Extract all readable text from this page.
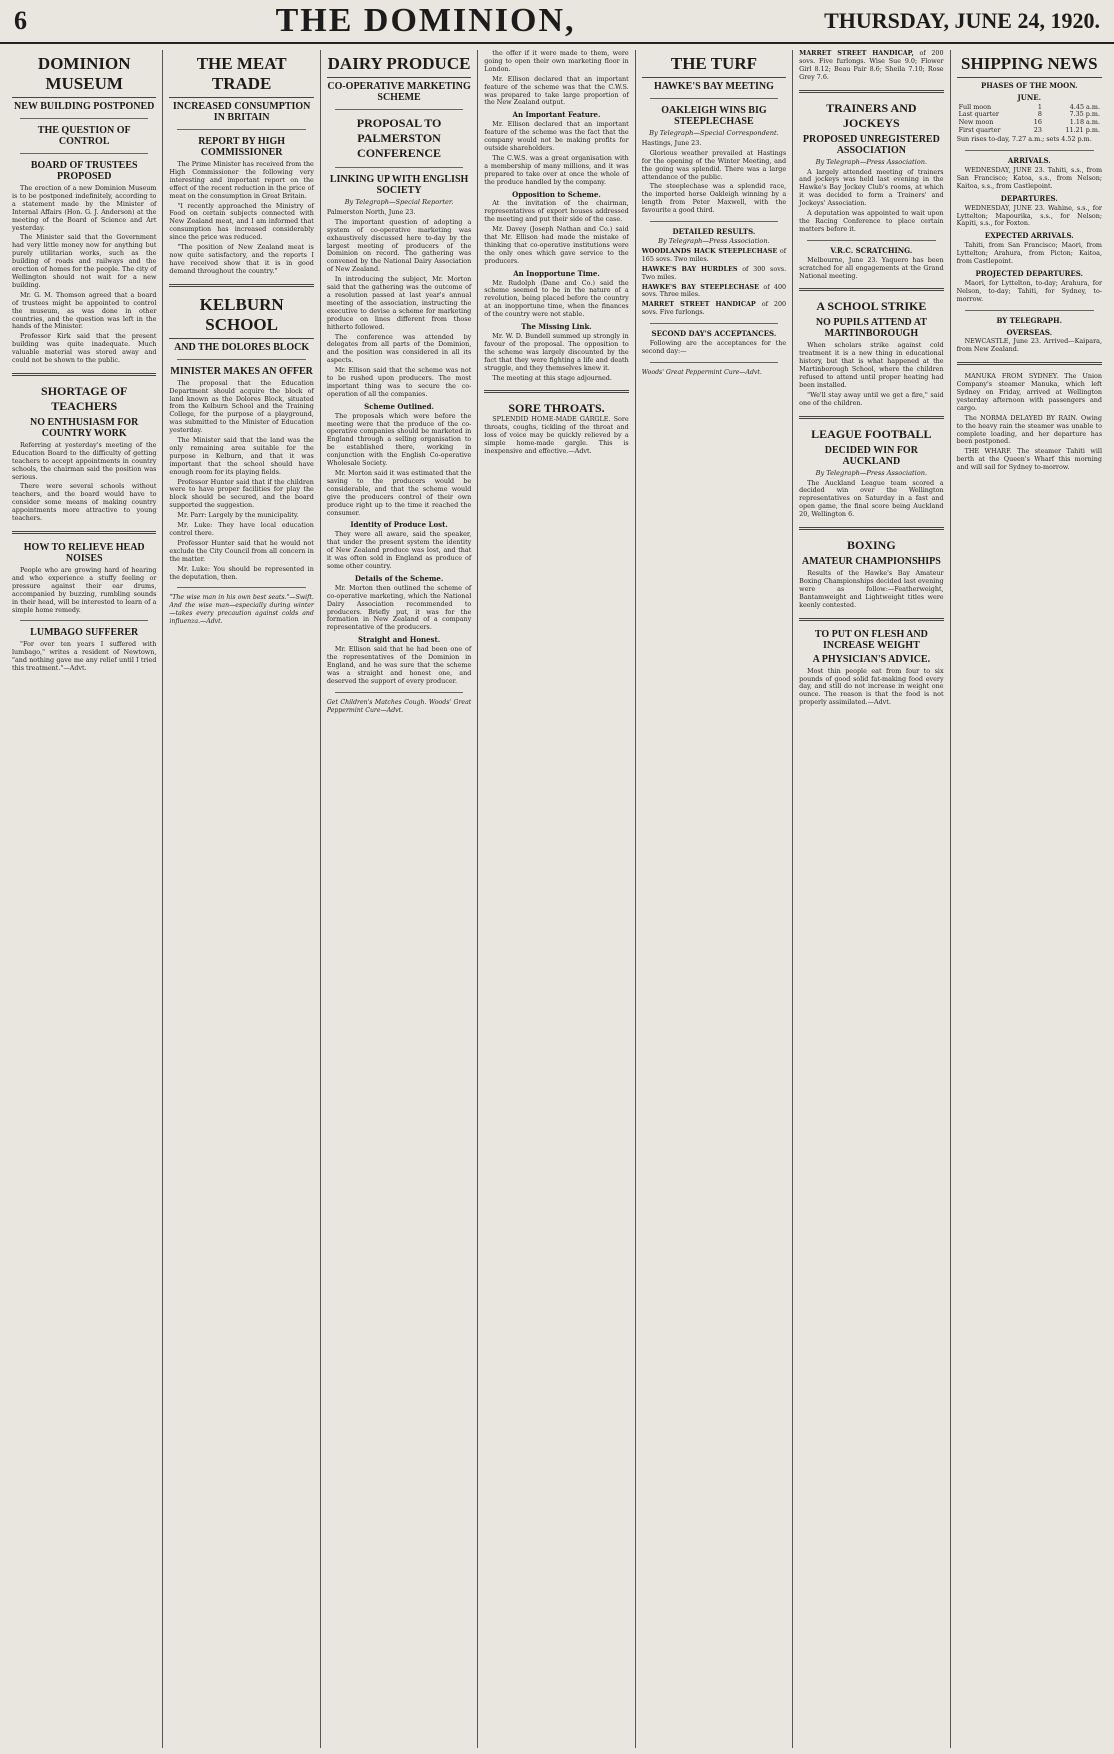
6	THE DOMINION,	THURSDAY, JUNE 24, 1920.
DOMINION MUSEUM
NEW BUILDING POSTPONED
THE QUESTION OF CONTROL
BOARD OF TRUSTEES PROPOSED

The erection of a new Dominion Museum is to be postponed indefinitely, according to a statement made by the Minister of Internal Affairs (Hon. G. J. Anderson) at the meeting of the Board of Science and Art yesterday.

The Minister said that the Government had very little money now for anything but purely utilitarian works, such as the building of roads and railways and the erection of homes for the people. The city of Wellington should not wait for a new building.

Mr. G. M. Thomson agreed that a board of trustees might be appointed to control the museum, as was done in other countries, and the question was left in the hands of the Minister.

Professor Kirk said that the present building was quite inadequate. Much valuable material was stored away and could not be shown to the public.

SHORTAGE OF TEACHERS
NO ENTHUSIASM FOR COUNTRY WORK

Referring at yesterday's meeting of the Education Board to the difficulty of getting teachers to accept appointments in country schools, the chairman said the position was serious.

There were several schools without teachers, and the board would have to consider some means of making country appointments more attractive to young teachers.

HOW TO RELIEVE HEAD NOISES

People who are growing hard of hearing and who experience a stuffy feeling or pressure against their ear drums, accompanied by buzzing, rumbling sounds in their head, will be interested to learn of a simple home remedy.

LUMBAGO SUFFERER

"For over ten years I suffered with lumbago," writes a resident of Newtown, "and nothing gave me any relief until I tried this treatment."—Advt.

THE MEAT TRADE
INCREASED CONSUMPTION IN BRITAIN
REPORT BY HIGH COMMISSIONER

The Prime Minister has received from the High Commissioner the following very interesting and important report on the effect of the recent reduction in the price of meat on the consumption in Great Britain.

"I recently approached the Ministry of Food on certain subjects connected with New Zealand meat, and I am informed that consumption has increased considerably since the price was reduced.

"The position of New Zealand meat is now quite satisfactory, and the reports I have received show that it is in good demand throughout the country."

KELBURN SCHOOL
AND THE DOLORES BLOCK
MINISTER MAKES AN OFFER

The proposal that the Education Department should acquire the block of land known as the Dolores Block, situated from the Kelburn School and the Training College, for the purpose of a playground, was submitted to the Minister of Education yesterday.

The Minister said that the land was the only remaining area suitable for the purpose in Kelburn, and that it was important that the school should have enough room for its playing fields.

Professor Hunter said that if the children were to have proper facilities for play the block should be secured, and the board supported the suggestion.

Mr. Parr: Largely by the municipality.

Mr. Luke: They have local education control there.

Professor Hunter said that he would not exclude the City Council from all concern in the matter.

Mr. Luke: You should be represented in the deputation, then.

"The wise man in his own best seats."—Swift. And the wise man—especially during winter—takes every precaution against colds and influenza.—Advt.

DAIRY PRODUCE
CO-OPERATIVE MARKETING SCHEME
PROPOSAL TO PALMERSTON CONFERENCE
LINKING UP WITH ENGLISH SOCIETY

By Telegraph—Special Reporter.

Palmerston North, June 23.

The important question of adopting a system of co-operative marketing was exhaustively discussed here to-day by the largest meeting of producers of the Dominion on record. The gathering was convened by the National Dairy Association of New Zealand.

In introducing the subject, Mr. Morton said that the gathering was the outcome of a resolution passed at last year's annual meeting of the association, instructing the executive to devise a scheme for marketing produce on lines different from those hitherto followed.

The conference was attended by delegates from all parts of the Dominion, and the position was considered in all its aspects.

Mr. Ellison said that the scheme was not to be rushed upon producers. The most important thing was to secure the co-operation of all the companies.

Scheme Outlined.

The proposals which were before the meeting were that the produce of the co-operative companies should be marketed in England through a selling organisation to be established there, working in conjunction with the English Co-operative Wholesale Society.

Mr. Morton said it was estimated that the saving to the producers would be considerable, and that the scheme would give the producers control of their own produce right up to the time it reached the consumer.

Identity of Produce Lost.

They were all aware, said the speaker, that under the present system the identity of New Zealand produce was lost, and that it was often sold in England as produce of some other country.

Details of the Scheme.

Mr. Morton then outlined the scheme of co-operative marketing, which the National Dairy Association recommended to producers. Briefly put, it was for the formation in New Zealand of a company representative of the producers.

Straight and Honest.

Mr. Ellison said that he had been one of the representatives of the Dominion in England, and he was sure that the scheme was a straight and honest one, and deserved the support of every producer.

Get Children's Matches Cough. Woods' Great Peppermint Cure—Advt.

the offer if it were made to them, were going to open their own marketing floor in London.

Mr. Ellison declared that an important feature of the scheme was that the C.W.S. was prepared to take large proportion of the New Zealand output.

An Important Feature.

Mr. Ellison declared that an important feature of the scheme was the fact that the company would not be making profits for outside shareholders.

The C.W.S. was a great organisation with a membership of many millions, and it was prepared to take over at once the whole of the produce handled by the company.

Opposition to Scheme.

At the invitation of the chairman, representatives of export houses addressed the meeting and put their side of the case.

Mr. Davey (Joseph Nathan and Co.) said that Mr. Ellison had made the mistake of thinking that co-operative institutions were the only ones which gave service to the producers.

An Inopportune Time.

Mr. Rudolph (Dane and Co.) said the scheme seemed to be in the nature of a revolution, being placed before the country at an inopportune time, when the finances of the country were not stable.

The Missing Link.

Mr. W. D. Bundell summed up strongly in favour of the proposal. The opposition to the scheme was largely discounted by the fact that they were fighting a life and death struggle, and they themselves knew it.

The meeting at this stage adjourned.

SORE THROATS.

SPLENDID HOME-MADE GARGLE. Sore throats, coughs, tickling of the throat and loss of voice may be quickly relieved by a simple home-made gargle. This is inexpensive and effective.—Advt.

THE TURF
HAWKE'S BAY MEETING
OAKLEIGH WINS BIG STEEPLECHASE

By Telegraph—Special Correspondent.

Hastings, June 23.

Glorious weather prevailed at Hastings for the opening of the Winter Meeting, and the going was splendid. There was a large attendance of the public.

The steeplechase was a splendid race, the imported horse Oakleigh winning by a length from Peter Maxwell, with the favourite a good third.

DETAILED RESULTS.

By Telegraph—Press Association.

WOODLANDS HACK STEEPLECHASE of 165 sovs. Two miles.

HAWKE'S BAY HURDLES of 300 sovs. Two miles.

HAWKE'S BAY STEEPLECHASE of 400 sovs. Three miles.

MARRET STREET HANDICAP of 200 sovs. Five furlongs.

SECOND DAY'S ACCEPTANCES.

Following are the acceptances for the second day:—

Woods' Great Peppermint Cure—Advt.

MARRET STREET HANDICAP, of 200 sovs. Five furlongs. Wise Sue 9.0; Flower Girl 8.12; Beau Pair 8.6; Sheila 7.10; Rose Grey 7.6.

TRAINERS AND JOCKEYS
PROPOSED UNREGISTERED ASSOCIATION

By Telegraph—Press Association.

A largely attended meeting of trainers and jockeys was held last evening in the Hawke's Bay Jockey Club's rooms, at which it was decided to form a Trainers' and Jockeys' Association.

A deputation was appointed to wait upon the Racing Conference to place certain matters before it.

V.R.C. SCRATCHING.

Melbourne, June 23. Yaquero has been scratched for all engagements at the Grand National meeting.

A SCHOOL STRIKE
NO PUPILS ATTEND AT MARTINBOROUGH

When scholars strike against cold treatment it is a new thing in educational history, but that is what happened at the Martinborough School, where the children refused to attend until proper heating had been installed.

"We'll stay away until we get a fire," said one of the children.

LEAGUE FOOTBALL
DECIDED WIN FOR AUCKLAND

By Telegraph—Press Association.

The Auckland League team scored a decided win over the Wellington representatives on Saturday in a fast and open game, the final score being Auckland 20, Wellington 6.

BOXING
AMATEUR CHAMPIONSHIPS

Results of the Hawke's Bay Amateur Boxing Championships decided last evening were as follow:—Featherweight, Bantamweight and Lightweight titles were keenly contested.

TO PUT ON FLESH AND INCREASE WEIGHT
A PHYSICIAN'S ADVICE.

Most thin people eat from four to six pounds of good solid fat-making food every day, and still do not increase in weight one ounce. The reason is that the food is not properly assimilated.—Advt.

SHIPPING NEWS

PHASES OF THE MOON.

JUNE.

Full moon	1	4.45 a.m.
Last quarter	8	7.35 p.m.
New moon	16	1.18 a.m.
First quarter	23	11.21 p.m.

Sun rises to-day, 7.27 a.m.; sets 4.52 p.m.

ARRIVALS.

WEDNESDAY, JUNE 23. Tahiti, s.s., from San Francisco; Katoa, s.s., from Nelson; Kaitoa, s.s., from Castlepoint.

DEPARTURES.

WEDNESDAY, JUNE 23. Wahine, s.s., for Lyttelton; Mapourika, s.s., for Nelson; Kapiti, s.s., for Foxton.

EXPECTED ARRIVALS.

Tahiti, from San Francisco; Maori, from Lyttelton; Arahura, from Picton; Kaitoa, from Castlepoint.

PROJECTED DEPARTURES.

Maori, for Lyttelton, to-day; Arahura, for Nelson, to-day; Tahiti, for Sydney, to-morrow.

BY TELEGRAPH.

OVERSEAS.

NEWCASTLE, June 23. Arrived—Kaipara, from New Zealand.

MANUKA FROM SYDNEY. The Union Company's steamer Manuka, which left Sydney on Friday, arrived at Wellington yesterday afternoon with passengers and cargo.

The NORMA DELAYED BY RAIN. Owing to the heavy rain the steamer was unable to complete loading, and her departure has been postponed.

THE WHARF. The steamer Tahiti will berth at the Queen's Wharf this morning and will sail for Sydney to-morrow.
